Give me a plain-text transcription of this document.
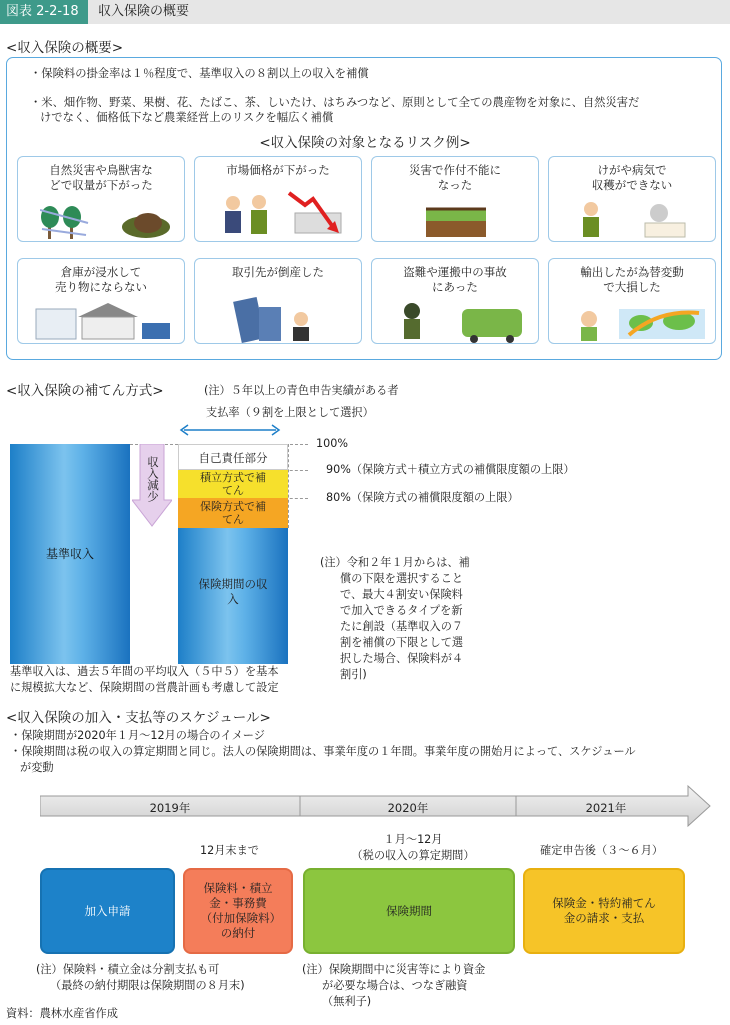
図表 2-2-18	収入保険の概要
<収入保険の概要>
・保険料の掛金率は１％程度で、基準収入の８割以上の収入を補償
・米、畑作物、野菜、果樹、花、たばこ、茶、しいたけ、はちみつなど、原則として全ての農産物を対象に、自然災害だ
けでなく、価格低下など農業経営上のリスクを幅広く補償
<収入保険の対象となるリスク例>
自然災害や鳥獣害などで収量が下がった
市場価格が下がった	災害で作付不能に
なった
けがや病気で
収穫ができない
倉庫が浸水して
売り物にならない
取引先が倒産した	盗難や運搬中の事故
にあった
輸出したが為替変動
で大損した
<収入保険の補てん方式>	(注）５年以上の青色申告実績がある者
支払率（９割を上限として選択）
100%
90%（保険方式＋積立方式の補償限度額の上限）
80%（保険方式の補償限度額の上限）
基準収入
収入減少	自己責任部分
積立方式で補てん
保険方式で補てん
保険期間の収入
(注）令和２年１月からは、補
償の下限を選択すること
で、最大４割安い保険料
で加入できるタイプを新
たに創設（基準収入の７
割を補償の下限として選
択した場合、保険料が４
割引)
基準収入は、過去５年間の平均収入（５中５）を基本
に規模拡大など、保険期間の営農計画も考慮して設定
<収入保険の加入・支払等のスケジュール>
・保険期間が2020年１月～12月の場合のイメージ
・保険期間は税の収入の算定期間と同じ。法人の保険期間は、事業年度の１年間。事業年度の開始月によって、スケジュール
が変動
2019年	2020年	2021年
12月末まで
１月～12月
（税の収入の算定期間）	確定申告後（３～６月）
加入申請
保険料・積立金・事務費（付加保険料）の納付
保険期間
保険金・特約補てん金の請求・支払
(注）保険料・積立金は分割支払も可
（最終の納付期限は保険期間の８月末)
(注）保険期間中に災害等により資金
が必要な場合は、つなぎ融資
（無利子)
資料：農林水産省作成
